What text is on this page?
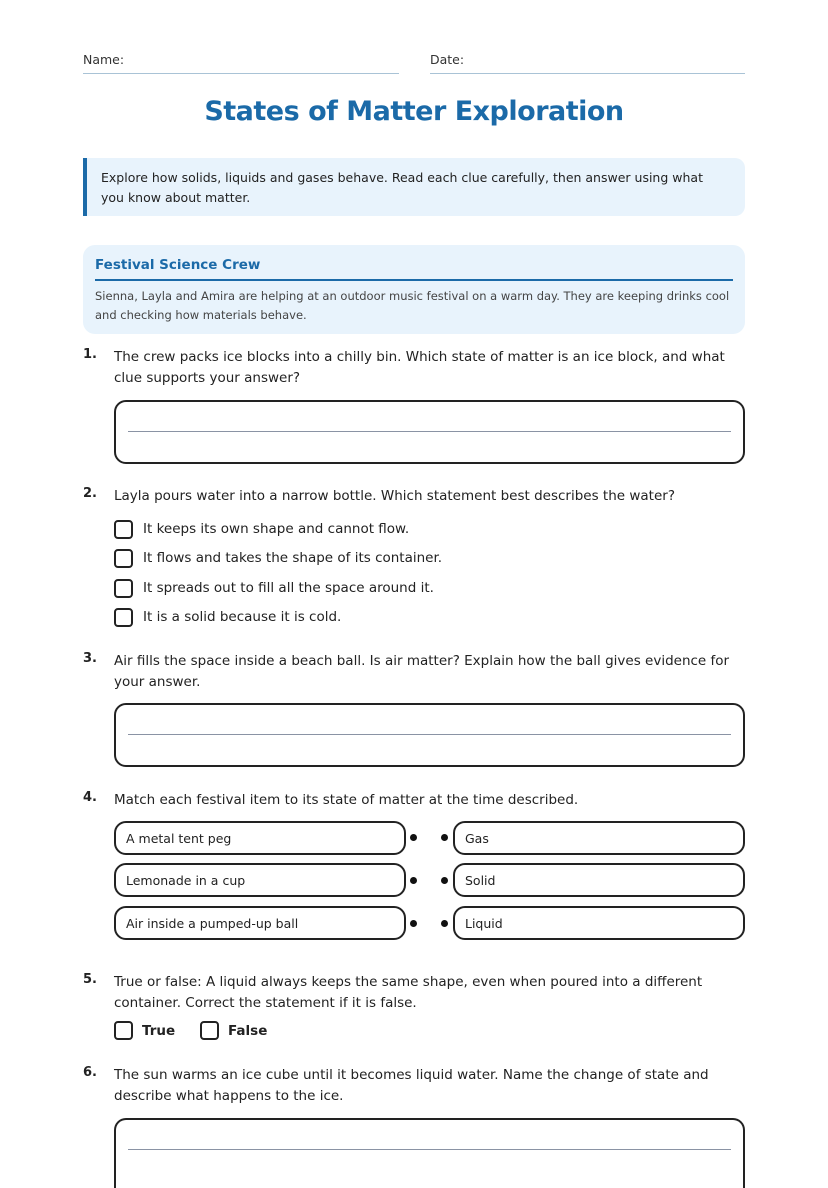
Name:	Date:
States of Matter Exploration
Explore how solids, liquids and gases behave. Read each clue carefully, then answer using what you know about matter.
Festival Science Crew
Sienna, Layla and Amira are helping at an outdoor music festival on a warm day. They are keeping drinks cool and checking how materials behave.
1. The crew packs ice blocks into a chilly bin. Which state of matter is an ice block, and what clue supports your answer?
2. Layla pours water into a narrow bottle. Which statement best describes the water?
It keeps its own shape and cannot flow.
It flows and takes the shape of its container.
It spreads out to fill all the space around it.
It is a solid because it is cold.
3. Air fills the space inside a beach ball. Is air matter? Explain how the ball gives evidence for your answer.
4. Match each festival item to its state of matter at the time described.
A metal tent peg	Gas
Lemonade in a cup	Solid
Air inside a pumped-up ball	Liquid
5. True or false: A liquid always keeps the same shape, even when poured into a different container. Correct the statement if it is false.
True	False
6. The sun warms an ice cube until it becomes liquid water. Name the change of state and describe what happens to the ice.
